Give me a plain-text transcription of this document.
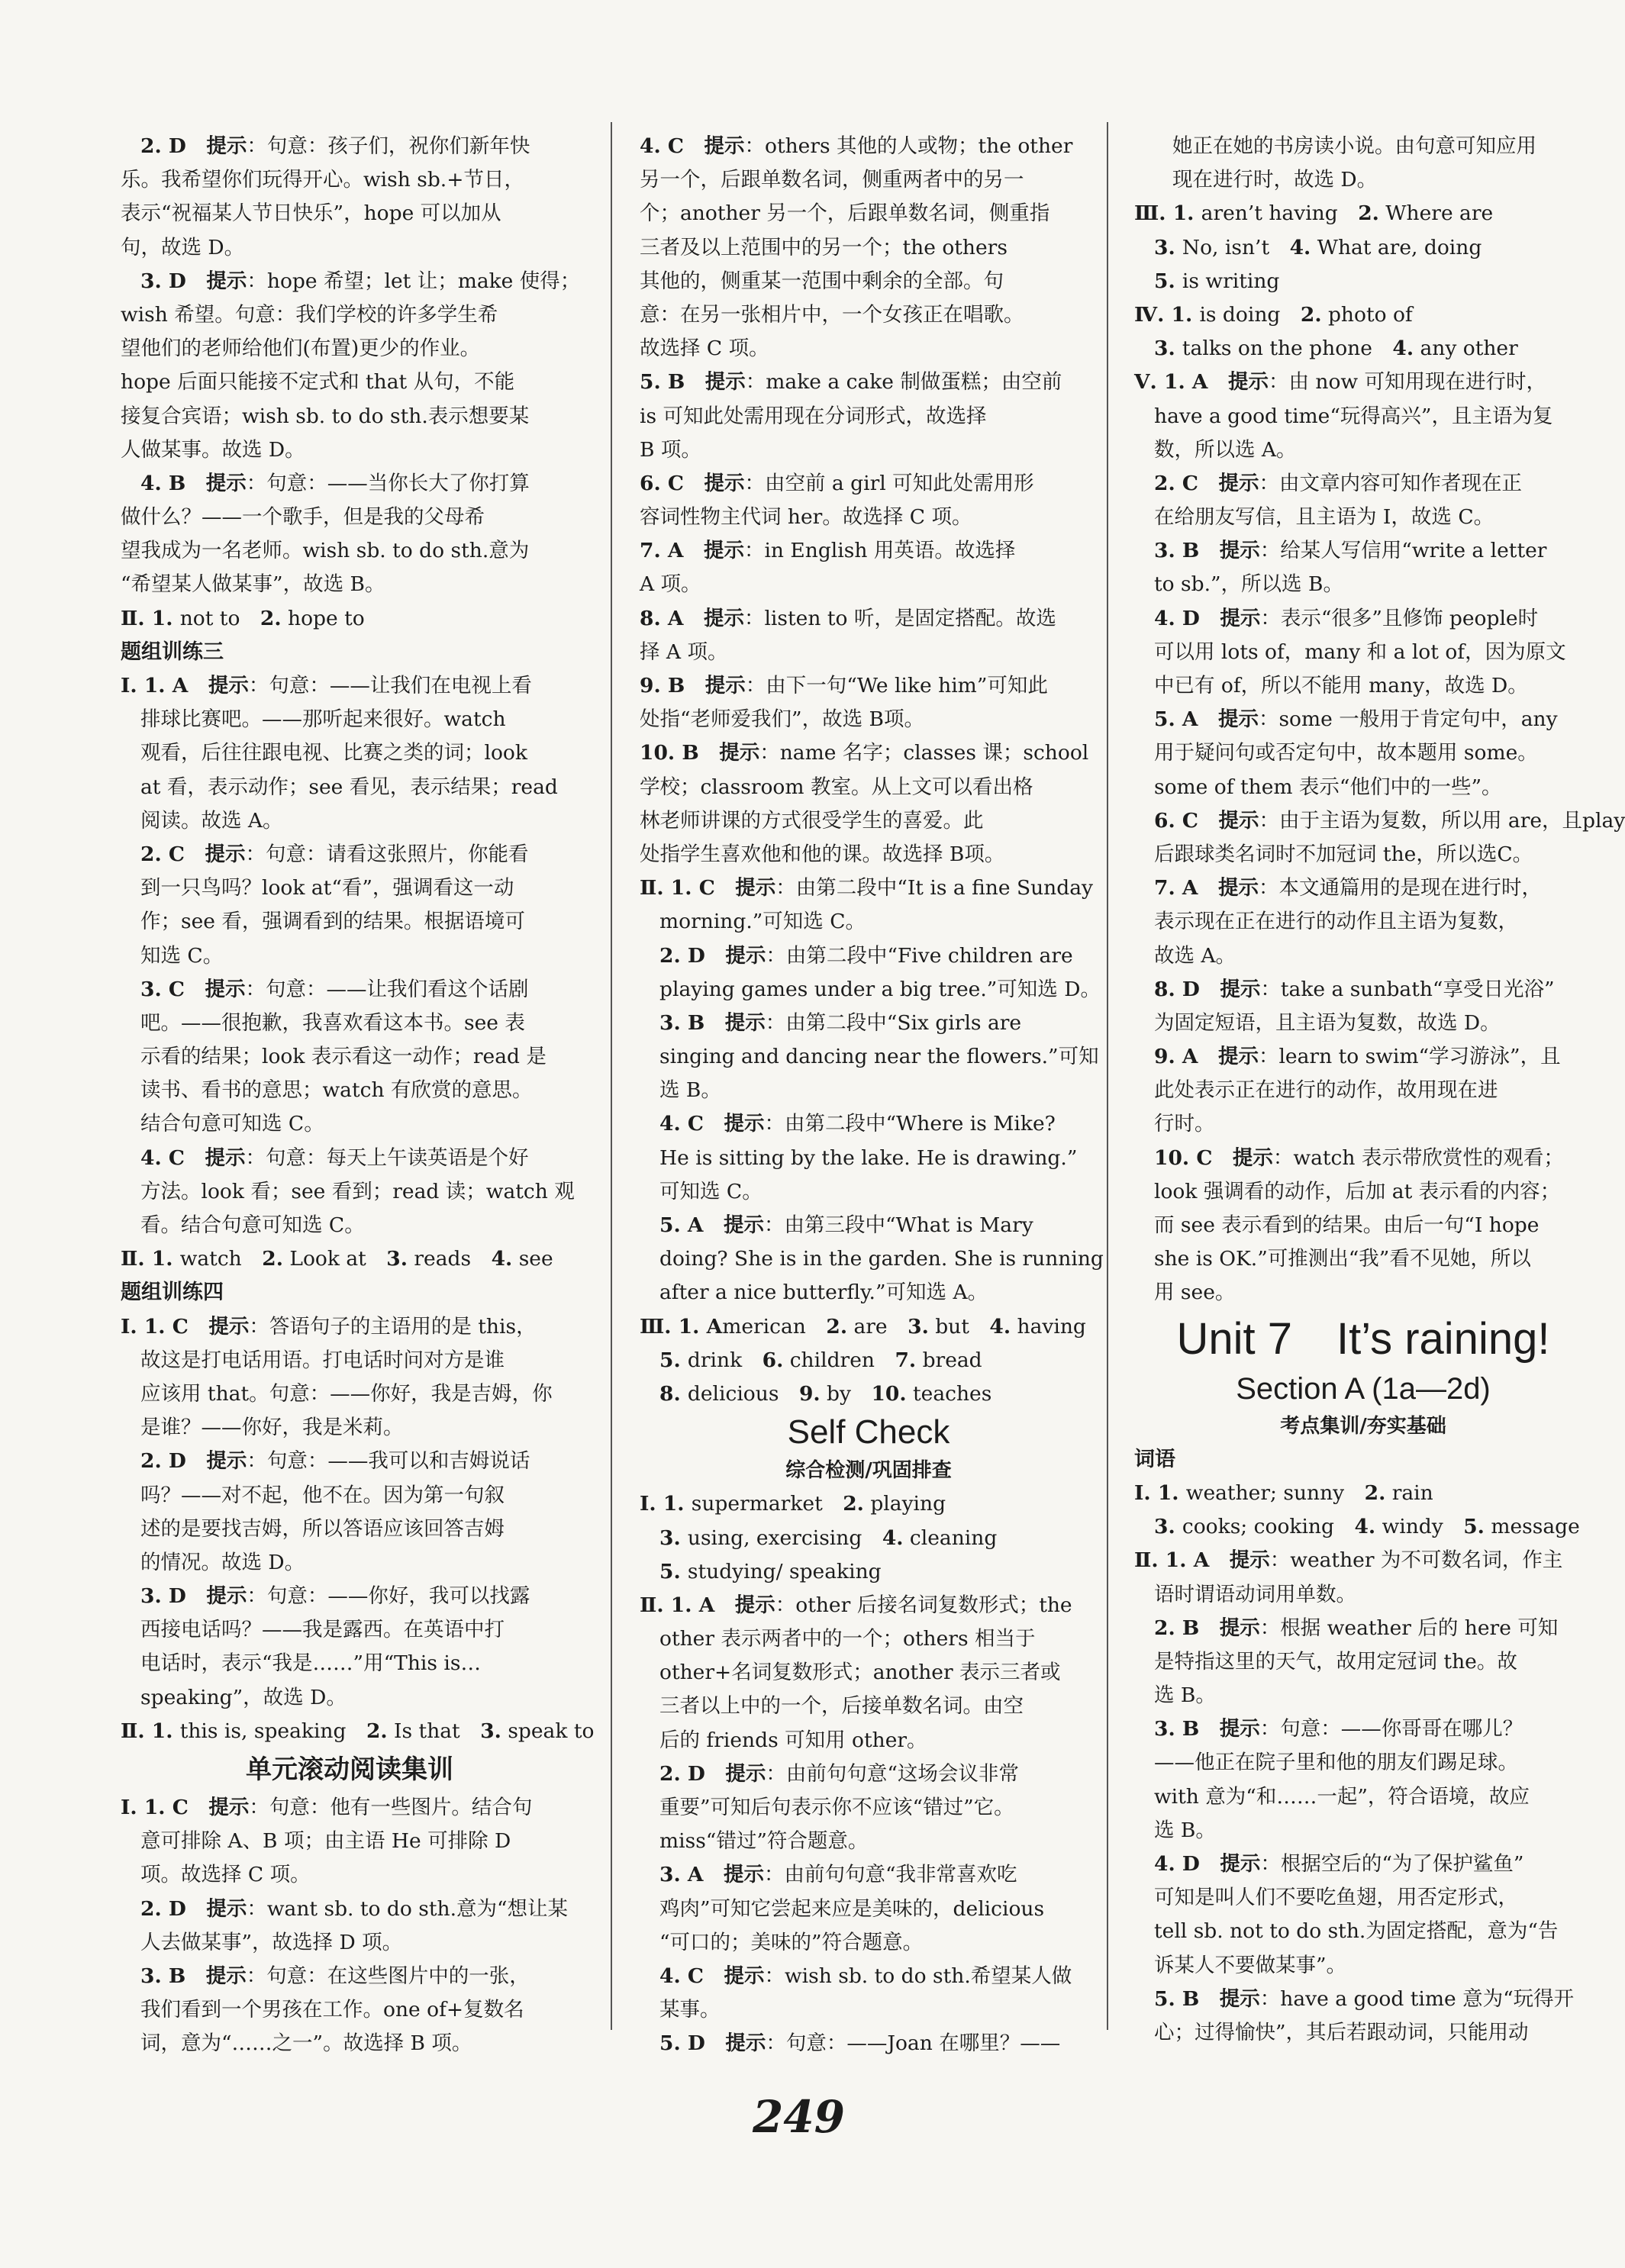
2. D　 提示：句意：孩子们，祝你们新年快
乐。我希望你们玩得开心。wish sb.+节日，
表示“祝福某人节日快乐”，hope 可以加从
句，故选 D。
3. D　 提示：hope 希望；let 让；make 使得；
wish 希望。句意：我们学校的许多学生希
望他们的老师给他们(布置)更少的作业。
hope 后面只能接不定式和 that 从句，不能
接复合宾语；wish sb. to do sth.表示想要某
人做某事。故选 D。
4. B　 提示：句意：——当你长大了你打算
做什么？——一个歌手，但是我的父母希
望我成为一名老师。wish sb. to do sth.意为
“希望某人做某事”，故选 B。
Ⅱ. 1. not to　2. hope to
题组训练三
Ⅰ. 1. A　 提示：句意：——让我们在电视上看
排球比赛吧。——那听起来很好。watch
观看，后往往跟电视、比赛之类的词；look
at 看，表示动作；see 看见，表示结果；read
阅读。故选 A。
2. C　 提示：句意：请看这张照片，你能看
到一只鸟吗？look at“看”，强调看这一动
作；see 看，强调看到的结果。根据语境可
知选 C。
3. C　 提示：句意：——让我们看这个话剧
吧。——很抱歉，我喜欢看这本书。see 表
示看的结果；look 表示看这一动作；read 是
读书、看书的意思；watch 有欣赏的意思。
结合句意可知选 C。
4. C　 提示：句意：每天上午读英语是个好
方法。look 看；see 看到；read 读；watch 观
看。结合句意可知选 C。
Ⅱ. 1. watch　2. Look at　3. reads　4. see
题组训练四
Ⅰ. 1. C　 提示：答语句子的主语用的是 this，
故这是打电话用语。打电话时问对方是谁
应该用 that。句意：——你好，我是吉姆，你
是谁？——你好，我是米莉。
2. D　 提示：句意：——我可以和吉姆说话
吗？——对不起，他不在。因为第一句叙
述的是要找吉姆，所以答语应该回答吉姆
的情况。故选 D。
3. D　 提示：句意：——你好，我可以找露
西接电话吗？——我是露西。在英语中打
电话时，表示“我是……”用“This is…
speaking”，故选 D。
Ⅱ. 1. this is, speaking　2. Is that　3. speak to
单元滚动阅读集训
Ⅰ. 1. C　 提示：句意：他有一些图片。结合句
意可排除 A、B 项；由主语 He 可排除 D
项。故选择 C 项。
2. D　 提示：want sb. to do sth.意为“想让某
人去做某事”，故选择 D 项。
3. B　 提示：句意：在这些图片中的一张，
我们看到一个男孩在工作。one of+复数名
词，意为“……之一”。故选择 B 项。
4. C　 提示：others 其他的人或物；the other
另一个，后跟单数名词，侧重两者中的另一
个；another 另一个，后跟单数名词，侧重指
三者及以上范围中的另一个；the others
其他的，侧重某一范围中剩余的全部。句
意：在另一张相片中，一个女孩正在唱歌。
故选择 C 项。
5. B　 提示：make a cake 制做蛋糕；由空前
is 可知此处需用现在分词形式，故选择
B 项。
6. C　 提示：由空前 a girl 可知此处需用形
容词性物主代词 her。故选择 C 项。
7. A　 提示：in English 用英语。故选择
A 项。
8. A　 提示：listen to 听，是固定搭配。故选
择 A 项。
9. B　 提示：由下一句“We like him”可知此
处指“老师爱我们”，故选 B项。
10. B　 提示：name 名字；classes 课；school
学校；classroom 教室。从上文可以看出格
林老师讲课的方式很受学生的喜爱。此
处指学生喜欢他和他的课。故选择 B项。
Ⅱ. 1. C　 提示：由第二段中“It is a fine Sunday
morning.”可知选 C。
2. D　 提示：由第二段中“Five children are
playing games under a big tree.”可知选 D。
3. B　 提示：由第二段中“Six girls are
singing and dancing near the flowers.”可知
选 B。
4. C　 提示：由第二段中“Where is Mike?
He is sitting by the lake. He is drawing.”
可知选 C。
5. A　 提示：由第三段中“What is Mary
doing? She is in the garden. She is running
after a nice butterfly.”可知选 A。
Ⅲ. 1. American　2. are　3. but　4. having
5. drink　6. children　7. bread
8. delicious　9. by　10. teaches
Self Check
综合检测/巩固排查
Ⅰ. 1. supermarket　2. playing
3. using, exercising　4. cleaning
5. studying/ speaking
Ⅱ. 1. A　 提示：other 后接名词复数形式；the
other 表示两者中的一个；others 相当于
other+名词复数形式；another 表示三者或
三者以上中的一个，后接单数名词。由空
后的 friends 可知用 other。
2. D　 提示：由前句句意“这场会议非常
重要”可知后句表示你不应该“错过”它。
miss“错过”符合题意。
3. A　 提示：由前句句意“我非常喜欢吃
鸡肉”可知它尝起来应是美味的，delicious
“可口的；美味的”符合题意。
4. C　 提示：wish sb. to do sth.希望某人做
某事。
5. D　 提示：句意：——Joan 在哪里？——
她正在她的书房读小说。由句意可知应用
现在进行时，故选 D。
Ⅲ. 1. aren’t having　2. Where are
3. No, isn’t　4. What are, doing
5. is writing
Ⅳ. 1. is doing　2. photo of
3. talks on the phone　4. any other
Ⅴ. 1. A　 提示：由 now 可知用现在进行时，
have a good time“玩得高兴”，且主语为复
数，所以选 A。
2. C　 提示：由文章内容可知作者现在正
在给朋友写信，且主语为 I，故选 C。
3. B　 提示：给某人写信用“write a letter
to sb.”，所以选 B。
4. D　 提示：表示“很多”且修饰 people时
可以用 lots of，many 和 a lot of，因为原文
中已有 of，所以不能用 many，故选 D。
5. A　 提示：some 一般用于肯定句中，any
用于疑问句或否定句中，故本题用 some。
some of them 表示“他们中的一些”。
6. C　 提示：由于主语为复数，所以用 are，且play
后跟球类名词时不加冠词 the，所以选C。
7. A　 提示：本文通篇用的是现在进行时，
表示现在正在进行的动作且主语为复数，
故选 A。
8. D　 提示：take a sunbath“享受日光浴”
为固定短语，且主语为复数，故选 D。
9. A　 提示：learn to swim“学习游泳”，且
此处表示正在进行的动作，故用现在进
行时。
10. C　 提示：watch 表示带欣赏性的观看；
look 强调看的动作，后加 at 表示看的内容；
而 see 表示看到的结果。由后一句“I hope
she is OK.”可推测出“我”看不见她，所以
用 see。
Unit 7　It’s raining!
Section A (1a—2d)
考点集训/夯实基础
词语
Ⅰ. 1. weather; sunny　2. rain
3. cooks; cooking　4. windy　5. message
Ⅱ. 1. A　 提示：weather 为不可数名词，作主
语时谓语动词用单数。
2. B　 提示：根据 weather 后的 here 可知
是特指这里的天气，故用定冠词 the。故
选 B。
3. B　 提示：句意：——你哥哥在哪儿？
——他正在院子里和他的朋友们踢足球。
with 意为“和……一起”，符合语境，故应
选 B。
4. D　 提示：根据空后的“为了保护鲨鱼”
可知是叫人们不要吃鱼翅，用否定形式，
tell sb. not to do sth.为固定搭配，意为“告
诉某人不要做某事”。
5. B　 提示：have a good time 意为“玩得开
心；过得愉快”，其后若跟动词，只能用动
249
